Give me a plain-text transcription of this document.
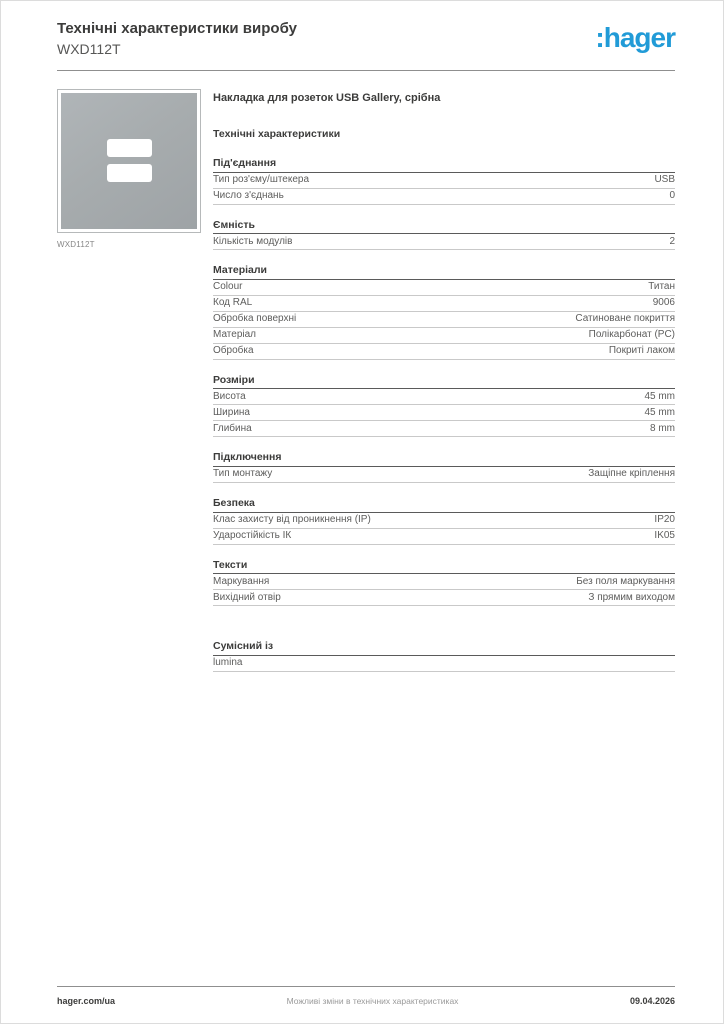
Технічні характеристики виробу
WXD112T	:hager
WXD112T
Накладка для розеток USB Gallery, срібна
Технічні характеристики
Під'єднання
Тип роз'єму/штекера	USB
Число з'єднань	0
Ємність
Кількість модулів	2
Матеріали
Colour	Титан
Код RAL	9006
Обробка поверхні	Сатиноване покриття
Матеріал	Полікарбонат (PC)
Обробка	Покриті лаком
Розміри
Висота	45 mm
Ширина	45 mm
Глибина	8 mm
Підключення
Тип монтажу	Защіпне кріплення
Безпека
Клас захисту від проникнення (IP)	IP20
Ударостійкість ІК	IK05
Тексти
Маркування	Без поля маркування
Вихідний отвір	З прямим виходом
Сумісний із
lumina
hager.com/ua	Можливі зміни в технічних характеристиках	09.04.2026
